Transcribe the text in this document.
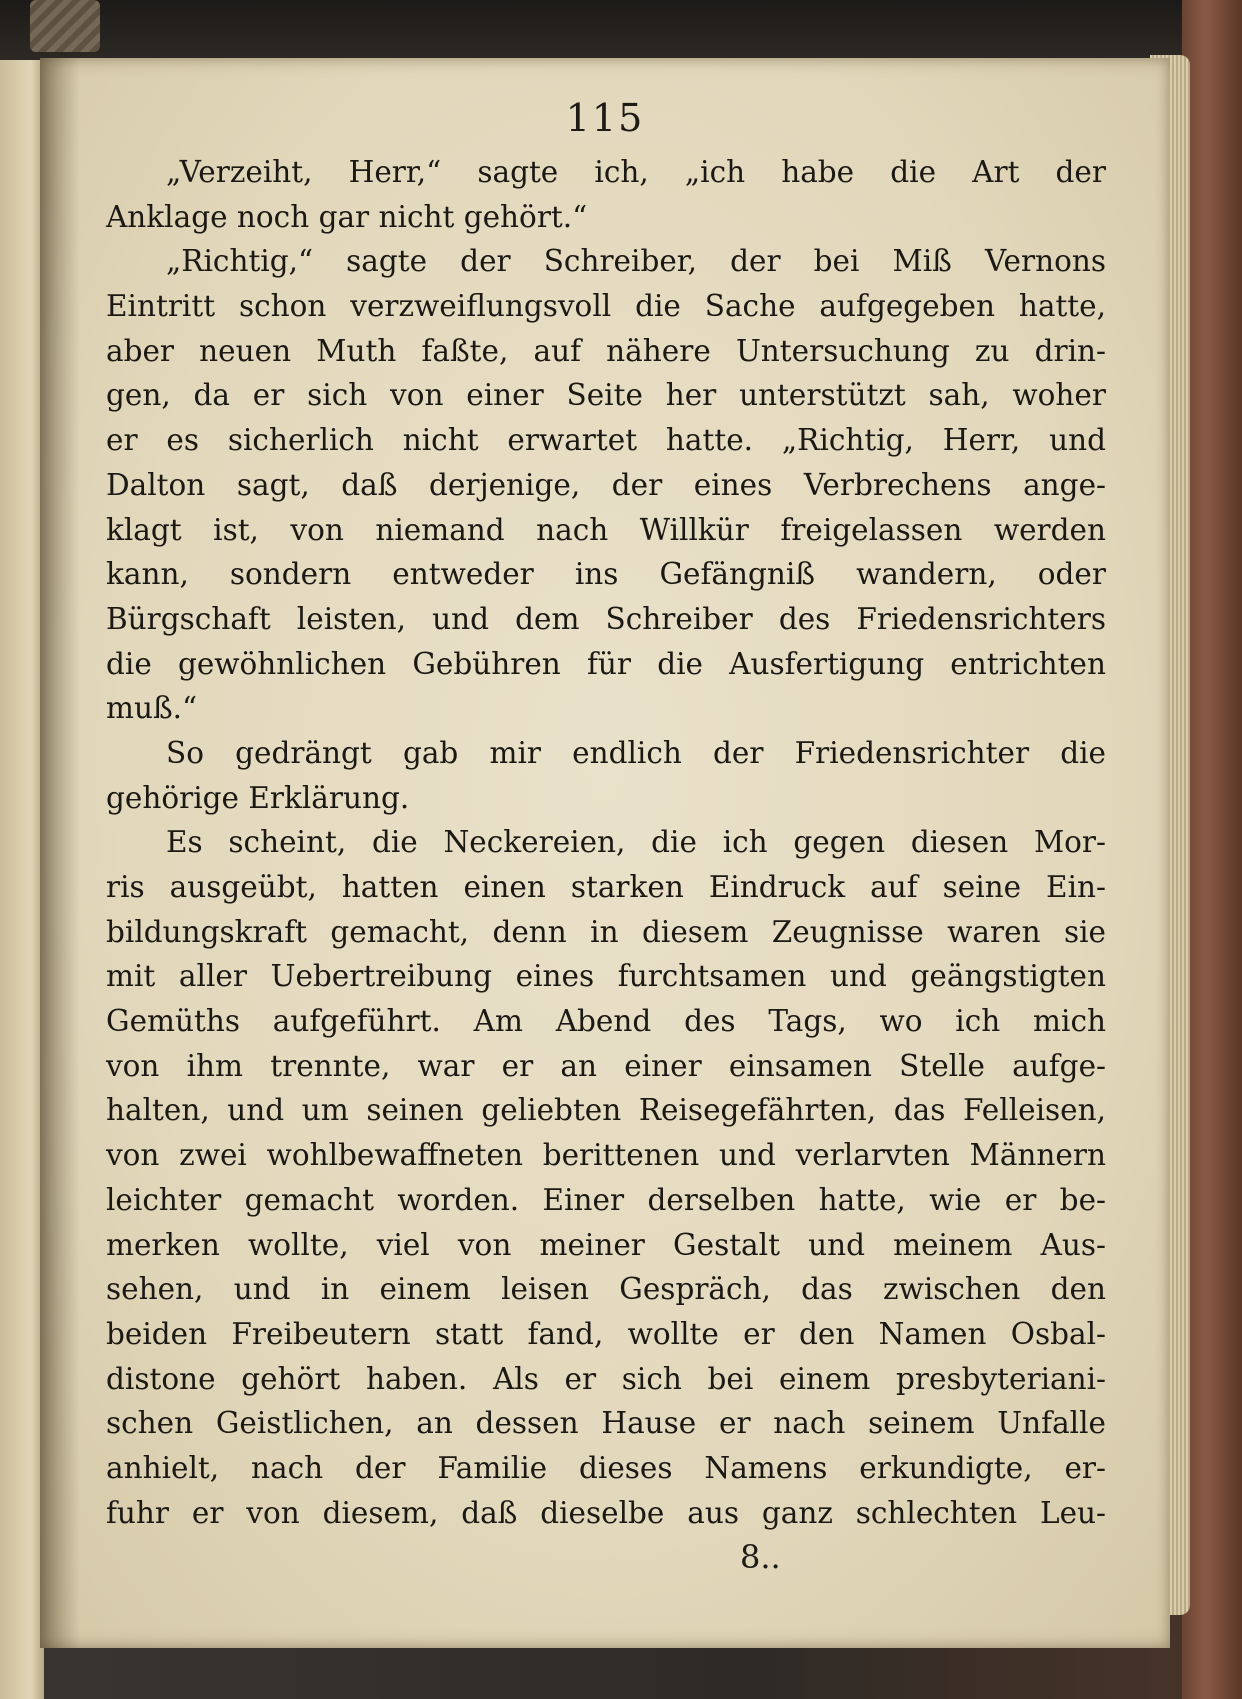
115
„Verzeiht, Herr,“ sagte ich, „ich habe die Art der
Anklage noch gar nicht gehört.“
„Richtig,“ sagte der Schreiber, der bei Miß Vernons
Eintritt schon verzweiflungsvoll die Sache aufgegeben hatte,
aber neuen Muth faßte, auf nähere Untersuchung zu drin-
gen, da er sich von einer Seite her unterstützt sah, woher
er es sicherlich nicht erwartet hatte. „Richtig, Herr, und
Dalton sagt, daß derjenige, der eines Verbrechens ange-
klagt ist, von niemand nach Willkür freigelassen werden
kann, sondern entweder ins Gefängniß wandern, oder
Bürgschaft leisten, und dem Schreiber des Friedensrichters
die gewöhnlichen Gebühren für die Ausfertigung entrichten
muß.“
So gedrängt gab mir endlich der Friedensrichter die
gehörige Erklärung.
Es scheint, die Neckereien, die ich gegen diesen Mor-
ris ausgeübt, hatten einen starken Eindruck auf seine Ein-
bildungskraft gemacht, denn in diesem Zeugnisse waren sie
mit aller Uebertreibung eines furchtsamen und geängstigten
Gemüths aufgeführt. Am Abend des Tags, wo ich mich
von ihm trennte, war er an einer einsamen Stelle aufge-
halten, und um seinen geliebten Reisegefährten, das Felleisen,
von zwei wohlbewaffneten berittenen und verlarvten Männern
leichter gemacht worden. Einer derselben hatte, wie er be-
merken wollte, viel von meiner Gestalt und meinem Aus-
sehen, und in einem leisen Gespräch, das zwischen den
beiden Freibeutern statt fand, wollte er den Namen Osbal-
distone gehört haben. Als er sich bei einem presbyteriani-
schen Geistlichen, an dessen Hause er nach seinem Unfalle
anhielt, nach der Familie dieses Namens erkundigte, er-
fuhr er von diesem, daß dieselbe aus ganz schlechten Leu-
8..
